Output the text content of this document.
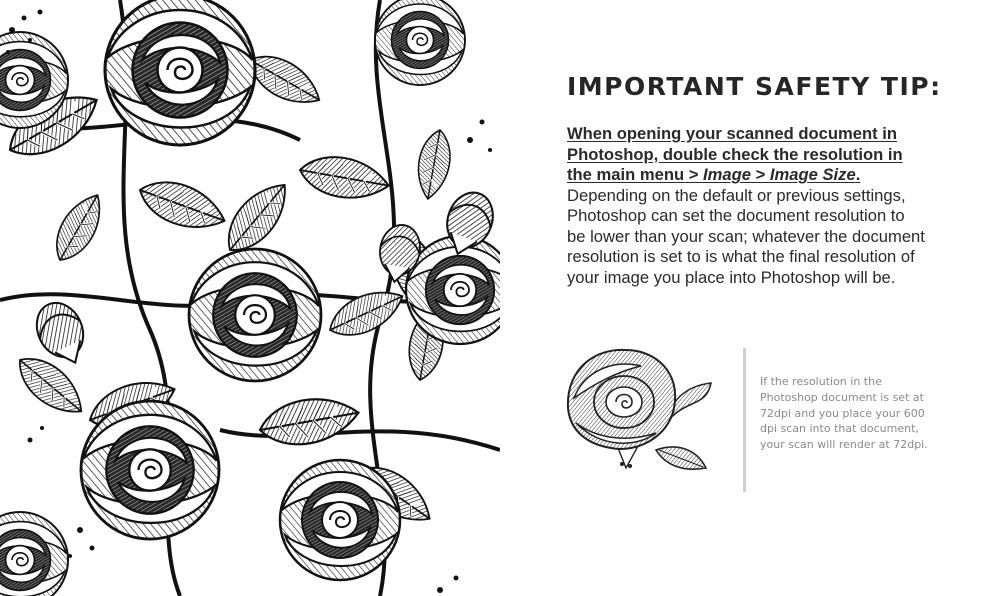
IMPORTANT SAFETY TIP:

When opening your scanned document in Photoshop, double check the resolution in the main menu > Image > Image Size. Depending on the default or previous settings, Photoshop can set the document resolution to be lower than your scan; whatever the document resolution is set to is what the final resolution of your image you place into Photoshop will be.

If the resolution in the Photoshop document is set at 72dpi and you place your 600 dpi scan into that document, your scan will render at 72dpi.
